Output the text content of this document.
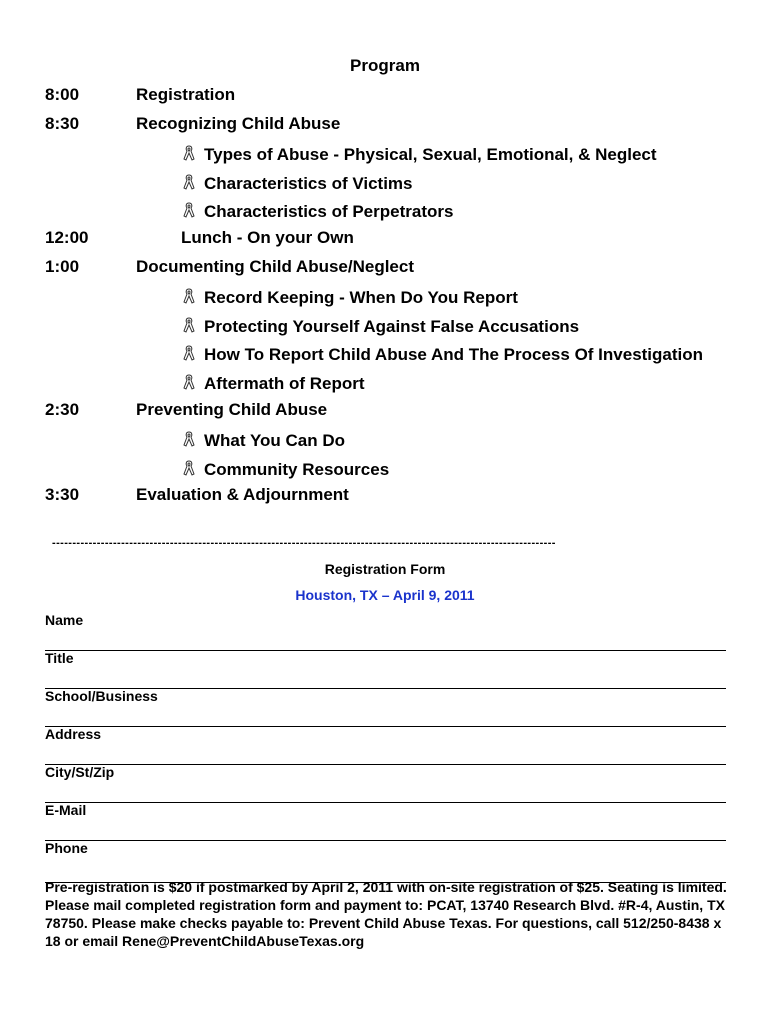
Program
8:00	Registration
8:30	Recognizing Child Abuse
Types of Abuse - Physical, Sexual, Emotional, & Neglect
Characteristics of Victims
Characteristics of Perpetrators
12:00	Lunch - On your Own
1:00	Documenting Child Abuse/Neglect
Record Keeping - When Do You Report
Protecting Yourself Against False Accusations
How To Report Child Abuse And The Process Of Investigation
Aftermath of Report
2:30	Preventing Child Abuse
What You Can Do
Community Resources
3:30	Evaluation & Adjournment
----------------------------------------------------------------------------------------------------------------------------
Registration Form
Houston, TX – April 9, 2011
Name
Title
School/Business
Address
City/St/Zip
E-Mail
Phone
Pre-registration is $20 if postmarked by April 2, 2011 with on-site registration of $25. Seating is limited. Please mail completed registration form and payment to: PCAT, 13740 Research Blvd. #R-4, Austin, TX 78750. Please make checks payable to: Prevent Child Abuse Texas. For questions, call 512/250-8438 x 18 or email Rene@PreventChildAbuseTexas.org
